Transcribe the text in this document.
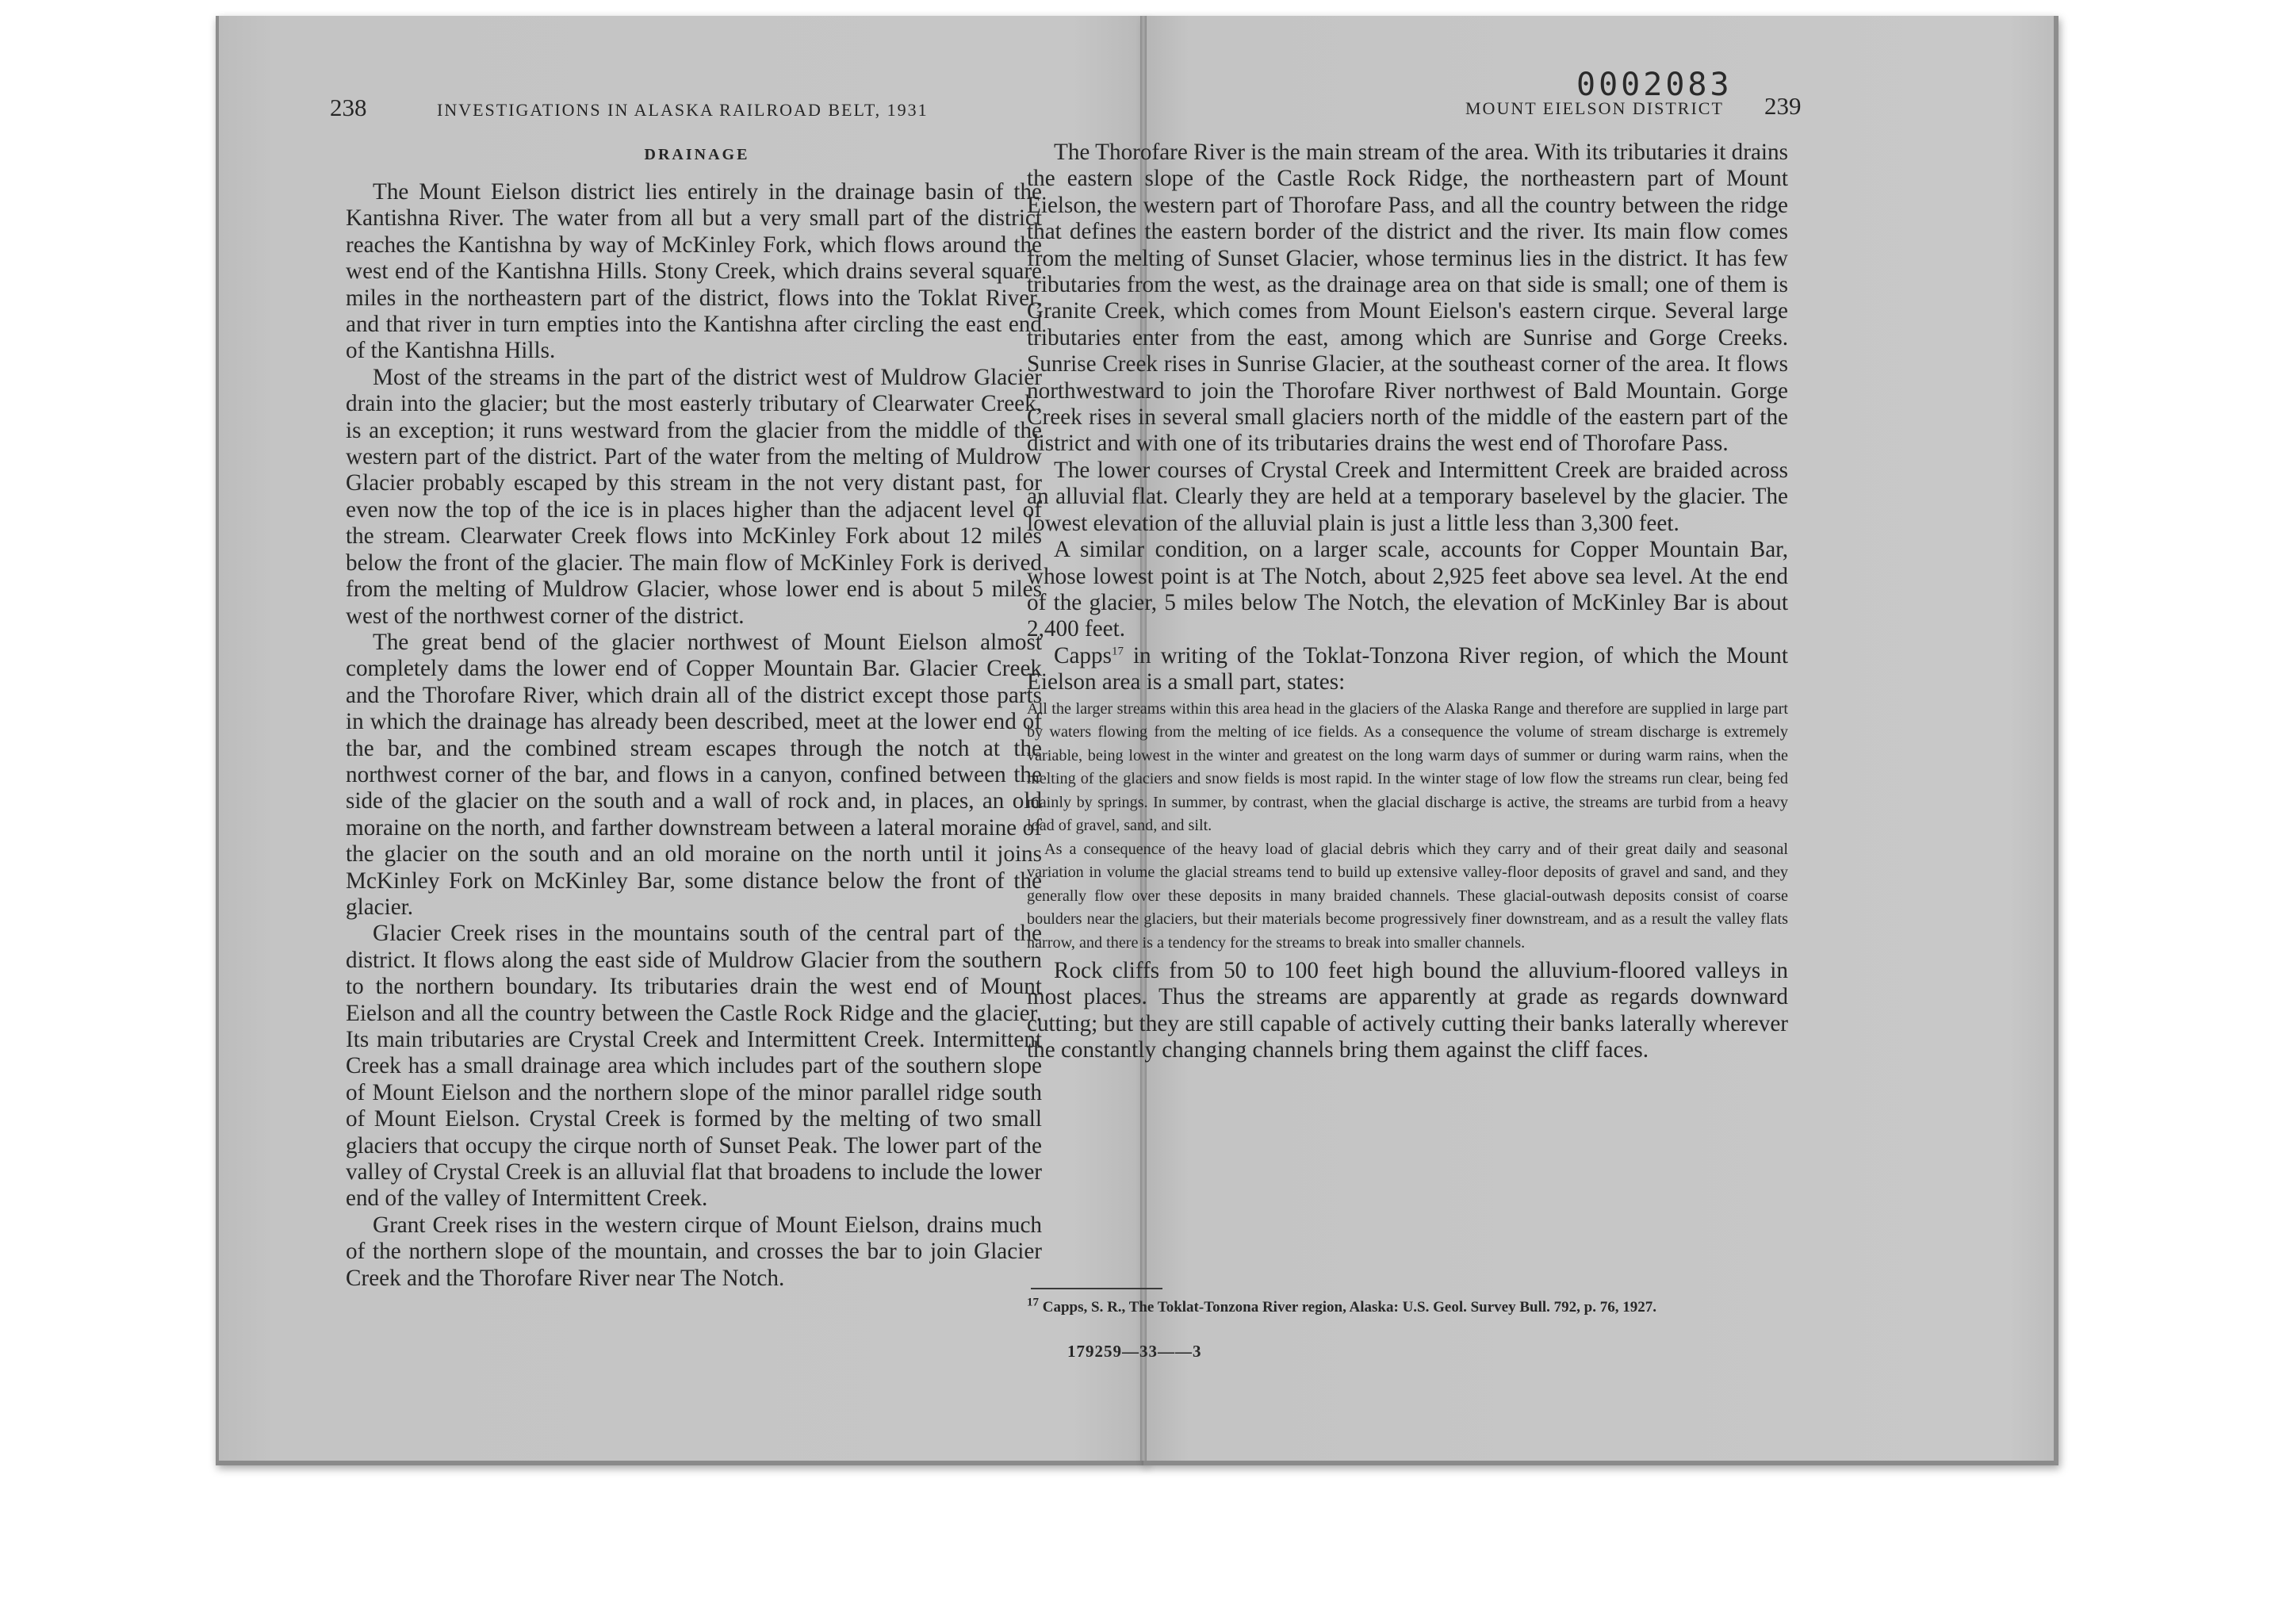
238	INVESTIGATIONS IN ALASKA RAILROAD BELT, 1931
DRAINAGE

The Mount Eielson district lies entirely in the drainage basin of the Kantishna River. The water from all but a very small part of the district reaches the Kantishna by way of McKinley Fork, which flows around the west end of the Kantishna Hills. Stony Creek, which drains several square miles in the northeastern part of the district, flows into the Toklat River, and that river in turn empties into the Kantishna after circling the east end of the Kantishna Hills.

Most of the streams in the part of the district west of Muldrow Glacier drain into the glacier; but the most easterly tributary of Clearwater Creek, is an exception; it runs westward from the glacier from the middle of the western part of the district. Part of the water from the melting of Muldrow Glacier probably escaped by this stream in the not very distant past, for even now the top of the ice is in places higher than the adjacent level of the stream. Clearwater Creek flows into McKinley Fork about 12 miles below the front of the glacier. The main flow of McKinley Fork is derived from the melting of Muldrow Glacier, whose lower end is about 5 miles west of the northwest corner of the district.

The great bend of the glacier northwest of Mount Eielson almost completely dams the lower end of Copper Mountain Bar. Glacier Creek and the Thorofare River, which drain all of the district except those parts in which the drainage has already been described, meet at the lower end of the bar, and the combined stream escapes through the notch at the northwest corner of the bar, and flows in a canyon, confined between the side of the glacier on the south and a wall of rock and, in places, an old moraine on the north, and farther downstream between a lateral moraine of the glacier on the south and an old moraine on the north until it joins McKinley Fork on McKinley Bar, some distance below the front of the glacier.

Glacier Creek rises in the mountains south of the central part of the district. It flows along the east side of Muldrow Glacier from the southern to the northern boundary. Its tributaries drain the west end of Mount Eielson and all the country between the Castle Rock Ridge and the glacier. Its main tributaries are Crystal Creek and Intermittent Creek. Intermittent Creek has a small drainage area which includes part of the southern slope of Mount Eielson and the northern slope of the minor parallel ridge south of Mount Eielson. Crystal Creek is formed by the melting of two small glaciers that occupy the cirque north of Sunset Peak. The lower part of the valley of Crystal Creek is an alluvial flat that broadens to include the lower end of the valley of Intermittent Creek.

Grant Creek rises in the western cirque of Mount Eielson, drains much of the northern slope of the mountain, and crosses the bar to join Glacier Creek and the Thorofare River near The Notch.

0002083
MOUNT EIELSON DISTRICT 239

The Thorofare River is the main stream of the area. With its tributaries it drains the eastern slope of the Castle Rock Ridge, the northeastern part of Mount Eielson, the western part of Thorofare Pass, and all the country between the ridge that defines the eastern border of the district and the river. Its main flow comes from the melting of Sunset Glacier, whose terminus lies in the district. It has few tributaries from the west, as the drainage area on that side is small; one of them is Granite Creek, which comes from Mount Eielson's eastern cirque. Several large tributaries enter from the east, among which are Sunrise and Gorge Creeks. Sunrise Creek rises in Sunrise Glacier, at the southeast corner of the area. It flows northwestward to join the Thorofare River northwest of Bald Mountain. Gorge Creek rises in several small glaciers north of the middle of the eastern part of the district and with one of its tributaries drains the west end of Thorofare Pass.

The lower courses of Crystal Creek and Intermittent Creek are braided across an alluvial flat. Clearly they are held at a temporary baselevel by the glacier. The lowest elevation of the alluvial plain is just a little less than 3,300 feet.

A similar condition, on a larger scale, accounts for Copper Mountain Bar, whose lowest point is at The Notch, about 2,925 feet above sea level. At the end of the glacier, 5 miles below The Notch, the elevation of McKinley Bar is about 2,400 feet.

Capps$^{17}$ in writing of the Toklat-Tonzona River region, of which the Mount Eielson area is a small part, states:

All the larger streams within this area head in the glaciers of the Alaska Range and therefore are supplied in large part by waters flowing from the melting of ice fields. As a consequence the volume of stream discharge is extremely variable, being lowest in the winter and greatest on the long warm days of summer or during warm rains, when the melting of the glaciers and snow fields is most rapid. In the winter stage of low flow the streams run clear, being fed mainly by springs. In summer, by contrast, when the glacial discharge is active, the streams are turbid from a heavy load of gravel, sand, and silt.

As a consequence of the heavy load of glacial debris which they carry and of their great daily and seasonal variation in volume the glacial streams tend to build up extensive valley-floor deposits of gravel and sand, and they generally flow over these deposits in many braided channels. These glacial-outwash deposits consist of coarse boulders near the glaciers, but their materials become progressively finer downstream, and as a result the valley flats narrow, and there is a tendency for the streams to break into smaller channels.

Rock cliffs from 50 to 100 feet high bound the alluvium-floored valleys in most places. Thus the streams are apparently at grade as regards downward cutting; but they are still capable of actively cutting their banks laterally wherever the constantly changing channels bring them against the cliff faces.

$^{17}$ Capps, S. R., The Toklat-Tonzona River region, Alaska: U.S. Geol. Survey Bull. 792, p. 76, 1927.
179259—33——3
